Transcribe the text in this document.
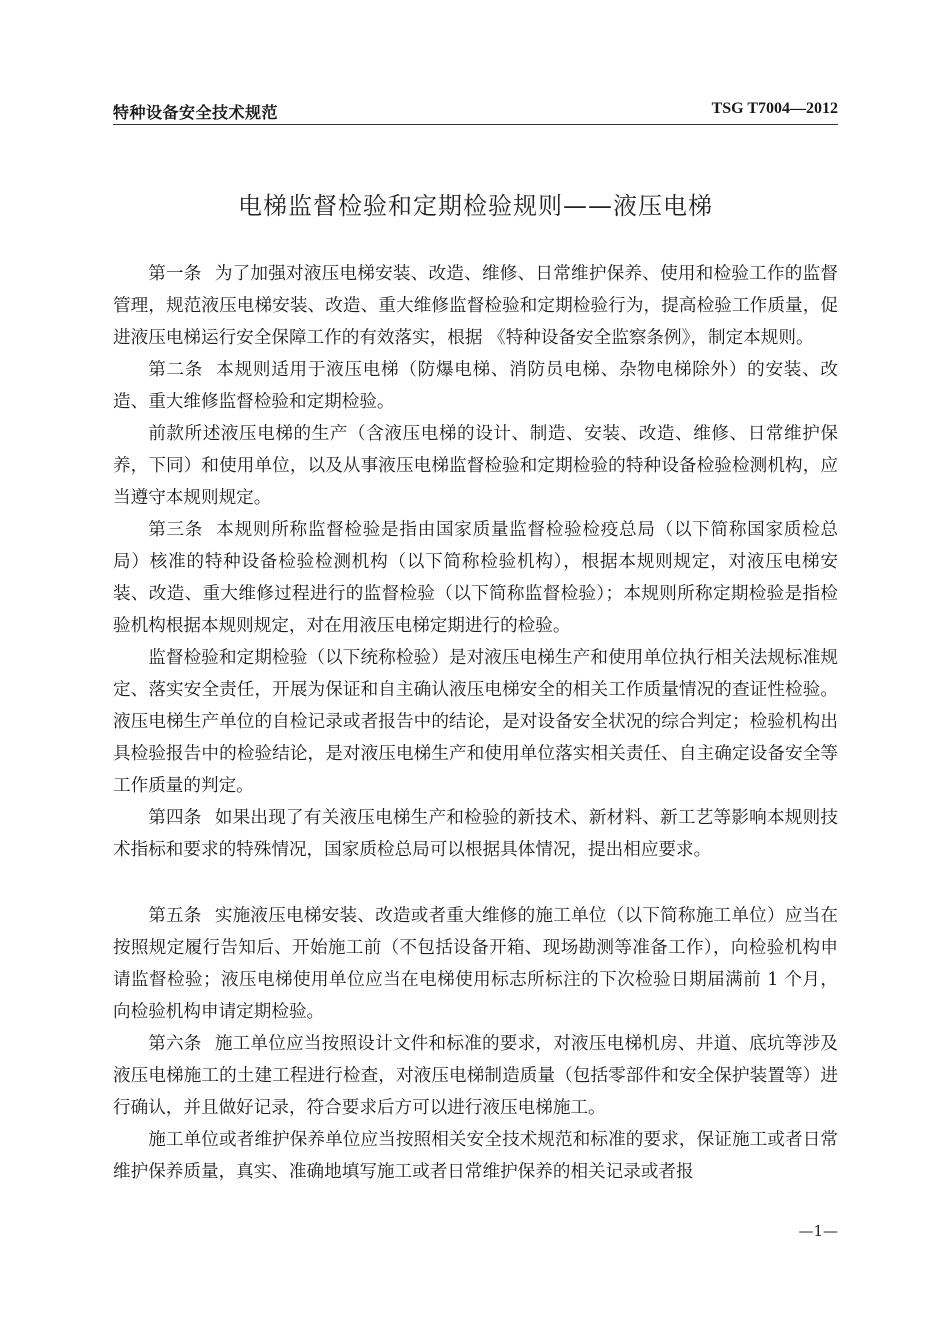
特种设备安全技术规范	TSG T7004—2012
电梯监督检验和定期检验规则——液压电梯

第一条 为了加强对液压电梯安装、改造、维修、日常维护保养、使用和检验工作的监督管理，规范液压电梯安装、改造、重大维修监督检验和定期检验行为，提高检验工作质量，促进液压电梯运行安全保障工作的有效落实，根据 《特种设备安全监察条例》，制定本规则。

第二条 本规则适用于液压电梯（防爆电梯、消防员电梯、杂物电梯除外）的安装、改造、重大维修监督检验和定期检验。

前款所述液压电梯的生产（含液压电梯的设计、制造、安装、改造、维修、日常维护保养，下同）和使用单位，以及从事液压电梯监督检验和定期检验的特种设备检验检测机构，应当遵守本规则规定。

第三条 本规则所称监督检验是指由国家质量监督检验检疫总局（以下简称国家质检总局）核准的特种设备检验检测机构（以下简称检验机构），根据本规则规定，对液压电梯安装、改造、重大维修过程进行的监督检验（以下简称监督检验）；本规则所称定期检验是指检验机构根据本规则规定，对在用液压电梯定期进行的检验。

监督检验和定期检验（以下统称检验）是对液压电梯生产和使用单位执行相关法规标准规定、落实安全责任，开展为保证和自主确认液压电梯安全的相关工作质量情况的查证性检验。液压电梯生产单位的自检记录或者报告中的结论，是对设备安全状况的综合判定；检验机构出具检验报告中的检验结论，是对液压电梯生产和使用单位落实相关责任、自主确定设备安全等工作质量的判定。

第四条 如果出现了有关液压电梯生产和检验的新技术、新材料、新工艺等影响本规则技术指标和要求的特殊情况，国家质检总局可以根据具体情况，提出相应要求。

第五条 实施液压电梯安装、改造或者重大维修的施工单位（以下简称施工单位）应当在按照规定履行告知后、开始施工前（不包括设备开箱、现场勘测等准备工作），向检验机构申请监督检验；液压电梯使用单位应当在电梯使用标志所标注的下次检验日期届满前 1 个月，向检验机构申请定期检验。

第六条 施工单位应当按照设计文件和标准的要求，对液压电梯机房、井道、底坑等涉及液压电梯施工的土建工程进行检查，对液压电梯制造质量（包括零部件和安全保护装置等）进行确认，并且做好记录，符合要求后方可以进行液压电梯施工。

施工单位或者维护保养单位应当按照相关安全技术规范和标准的要求，保证施工或者日常维护保养质量，真实、准确地填写施工或者日常维护保养的相关记录或者报

—1—
